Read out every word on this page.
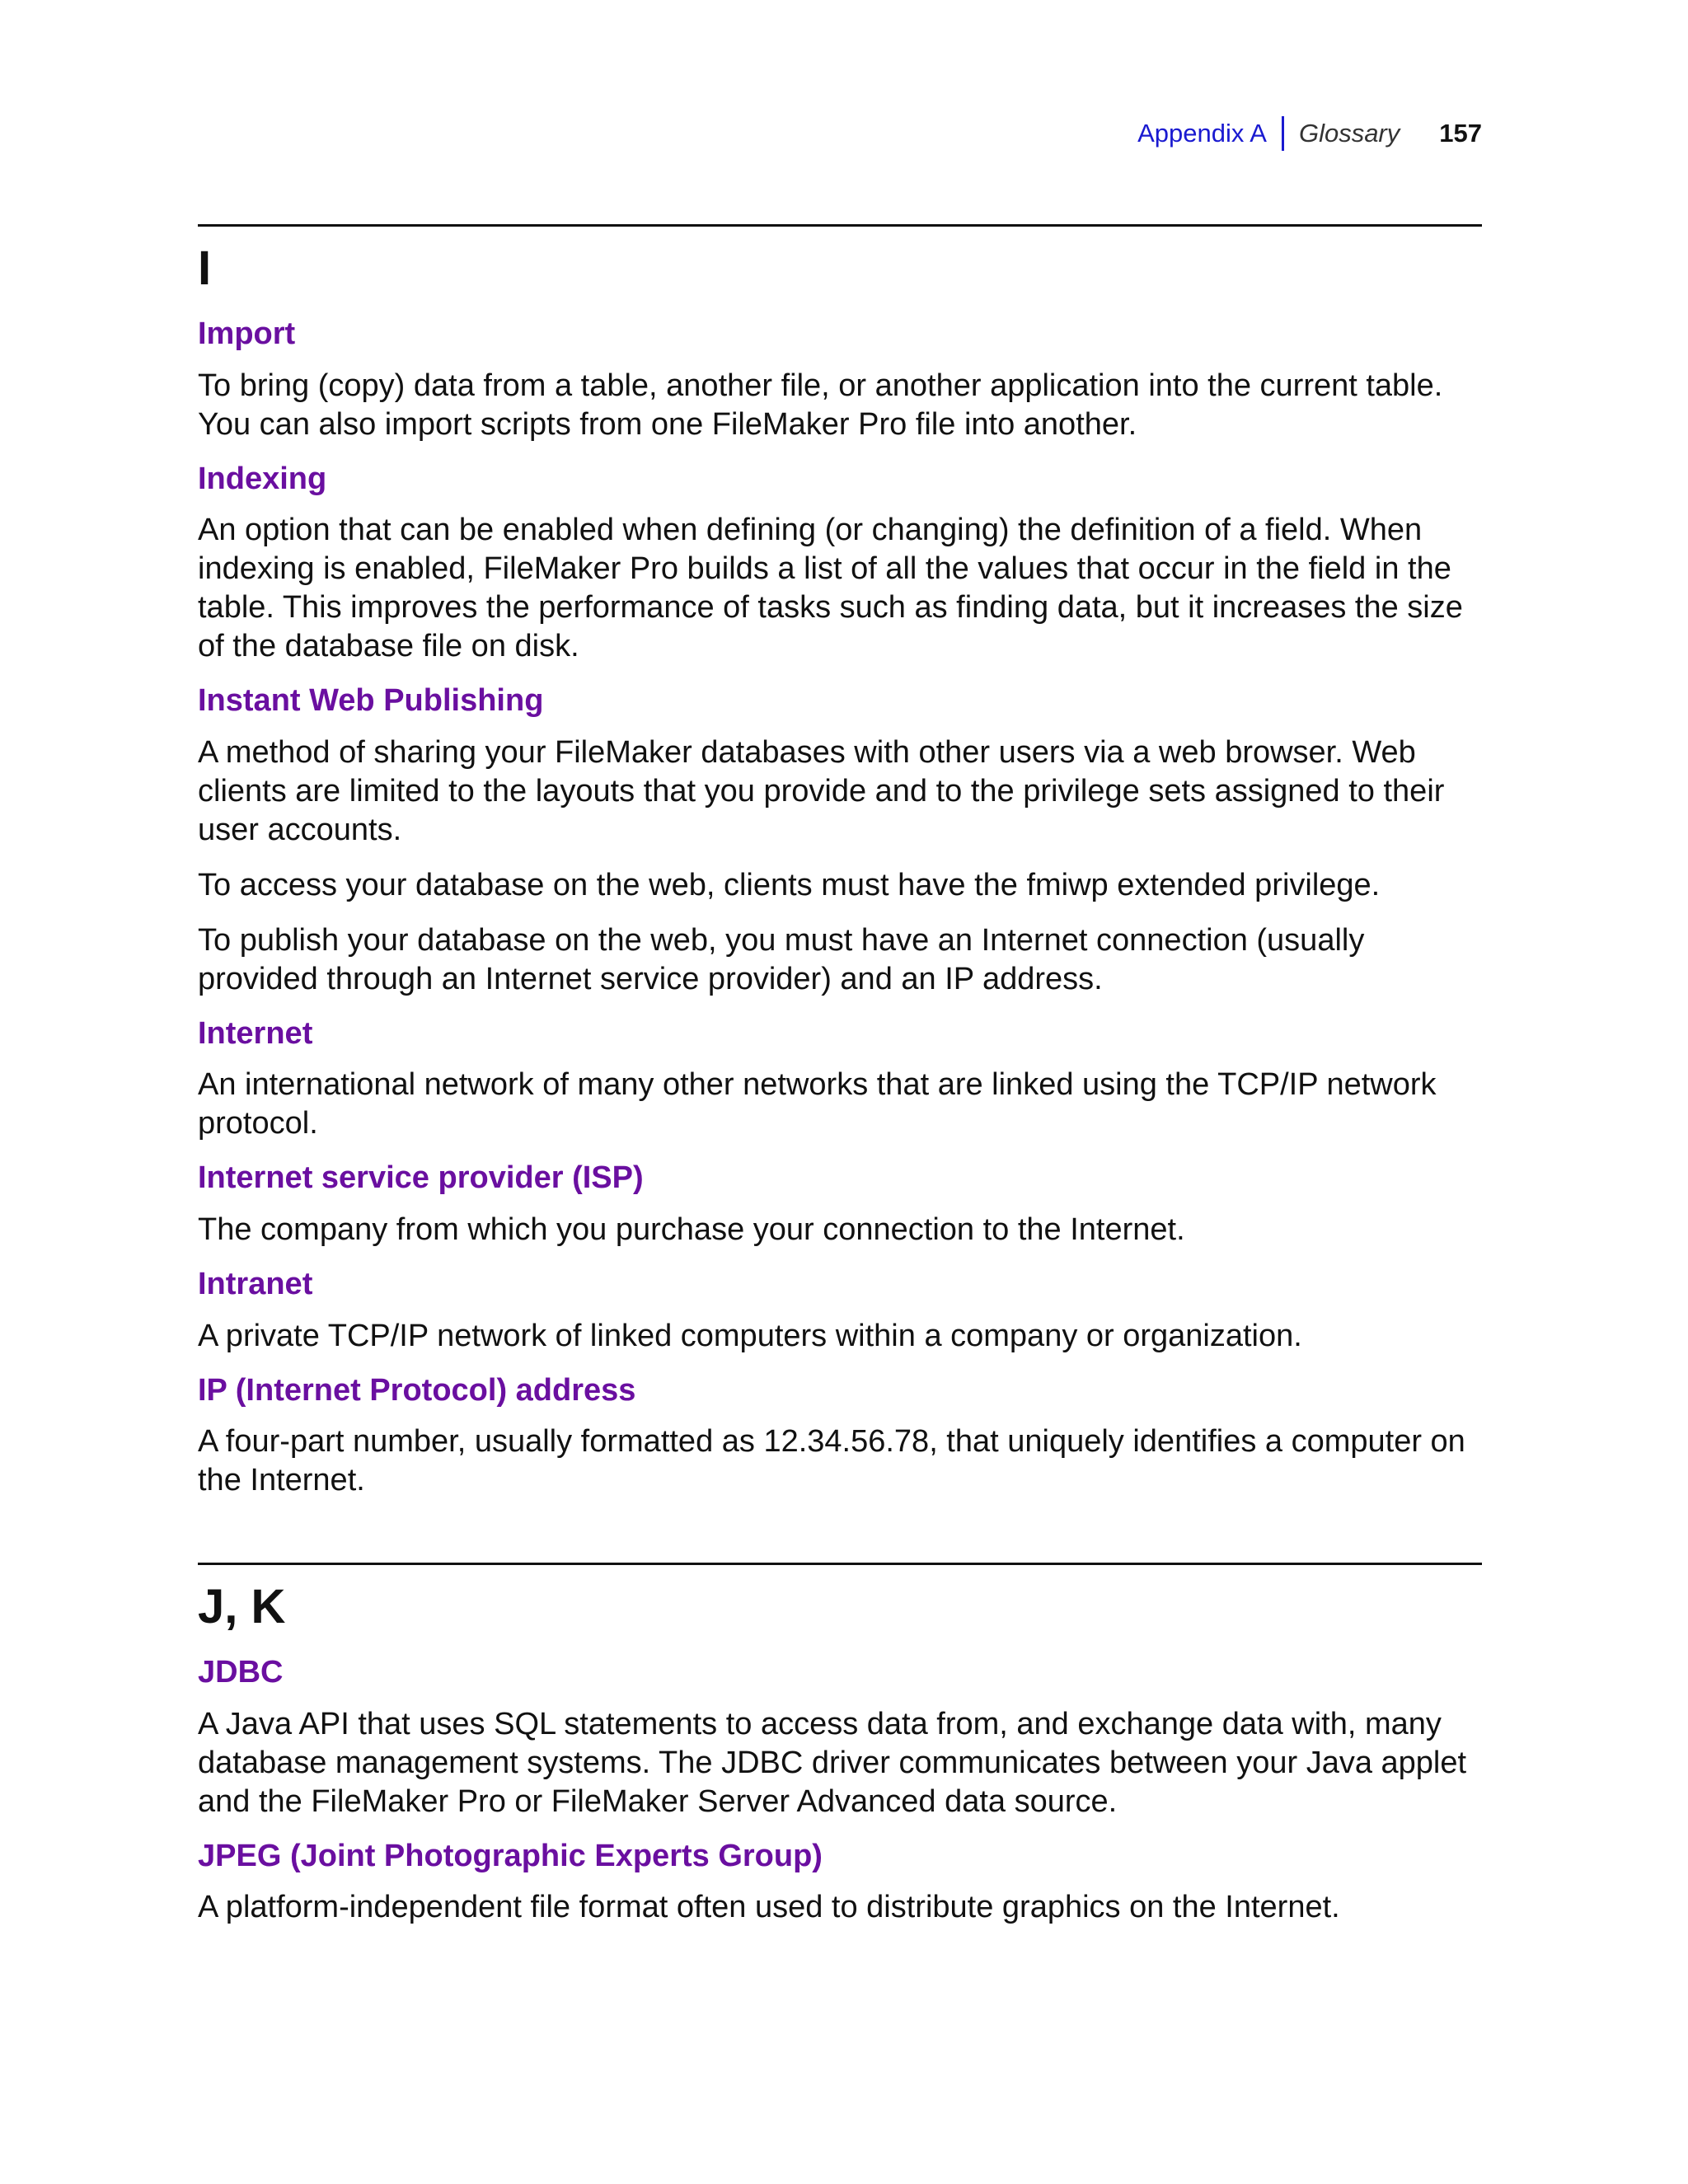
Appendix A Glossary 157
I
Import

To bring (copy) data from a table, another file, or another application into the current table. You can also import scripts from one FileMaker Pro file into another.

Indexing

An option that can be enabled when defining (or changing) the definition of a field. When indexing is enabled, FileMaker Pro builds a list of all the values that occur in the field in the table. This improves the performance of tasks such as finding data, but it increases the size of the database file on disk.

Instant Web Publishing

A method of sharing your FileMaker databases with other users via a web browser. Web clients are limited to the layouts that you provide and to the privilege sets assigned to their user accounts.

To access your database on the web, clients must have the fmiwp extended privilege.

To publish your database on the web, you must have an Internet connection (usually provided through an Internet service provider) and an IP address.

Internet

An international network of many other networks that are linked using the TCP/IP network protocol.

Internet service provider (ISP)

The company from which you purchase your connection to the Internet.

Intranet

A private TCP/IP network of linked computers within a company or organization.

IP (Internet Protocol) address

A four-part number, usually formatted as 12.34.56.78, that uniquely identifies a computer on the Internet.

J, K
JDBC

A Java API that uses SQL statements to access data from, and exchange data with, many database management systems. The JDBC driver communicates between your Java applet and the FileMaker Pro or FileMaker Server Advanced data source.

JPEG (Joint Photographic Experts Group)

A platform-independent file format often used to distribute graphics on the Internet.
